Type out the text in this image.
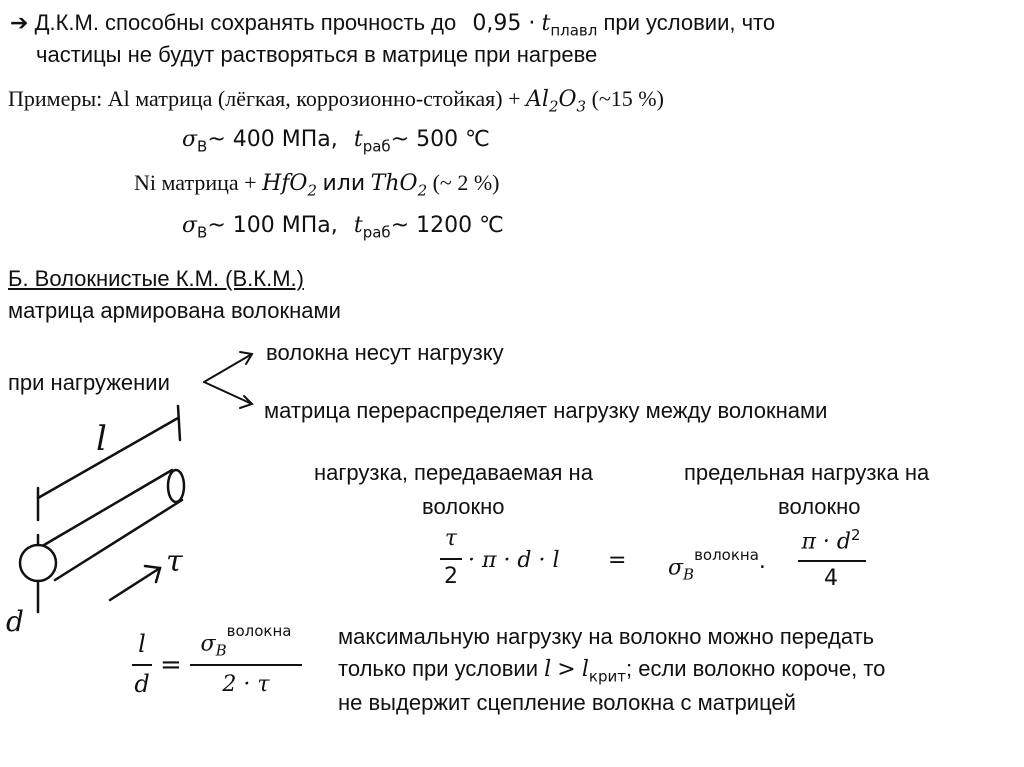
➔ Д.К.М. способны сохранять прочность до $0,95 \cdot t_{плавл}$ при условии, что
частицы не будут растворяться в матрице при нагреве
Примеры: Al матрица (лёгкая, коррозионно-стойкая) + $Al_2O_3$ (~15 %)
$\sigma_В\sim$ 400 МПа, $t_{раб}\sim$ 500 ℃
Ni матрица + HfO$_2$ или ThO$_2$ (~ 2 %)
$\sigma_В\sim$ 100 МПа, $t_{раб}\sim$ 1200 ℃
Б. Волокнистые К.М. (В.К.М.)
матрица армирована волокнами
волокна несут нагрузку
при нагружении
матрица перераспределяет нагрузку между волокнами
l
d
τ
нагрузка, передаваемая на
волокно
предельная нагрузка на
волокно
τ
2
· $\pi \cdot d \cdot l = \sigma_B^{волокна}\cdot$
$\pi \cdot d^2$
4
l
d
=
$\sigma_B^{волокна}$
2 · τ
максимальную нагрузку на волокно можно передать
только при условии $l > l_{крит}$; если волокно короче, то
не выдержит сцепление волокна с матрицей
